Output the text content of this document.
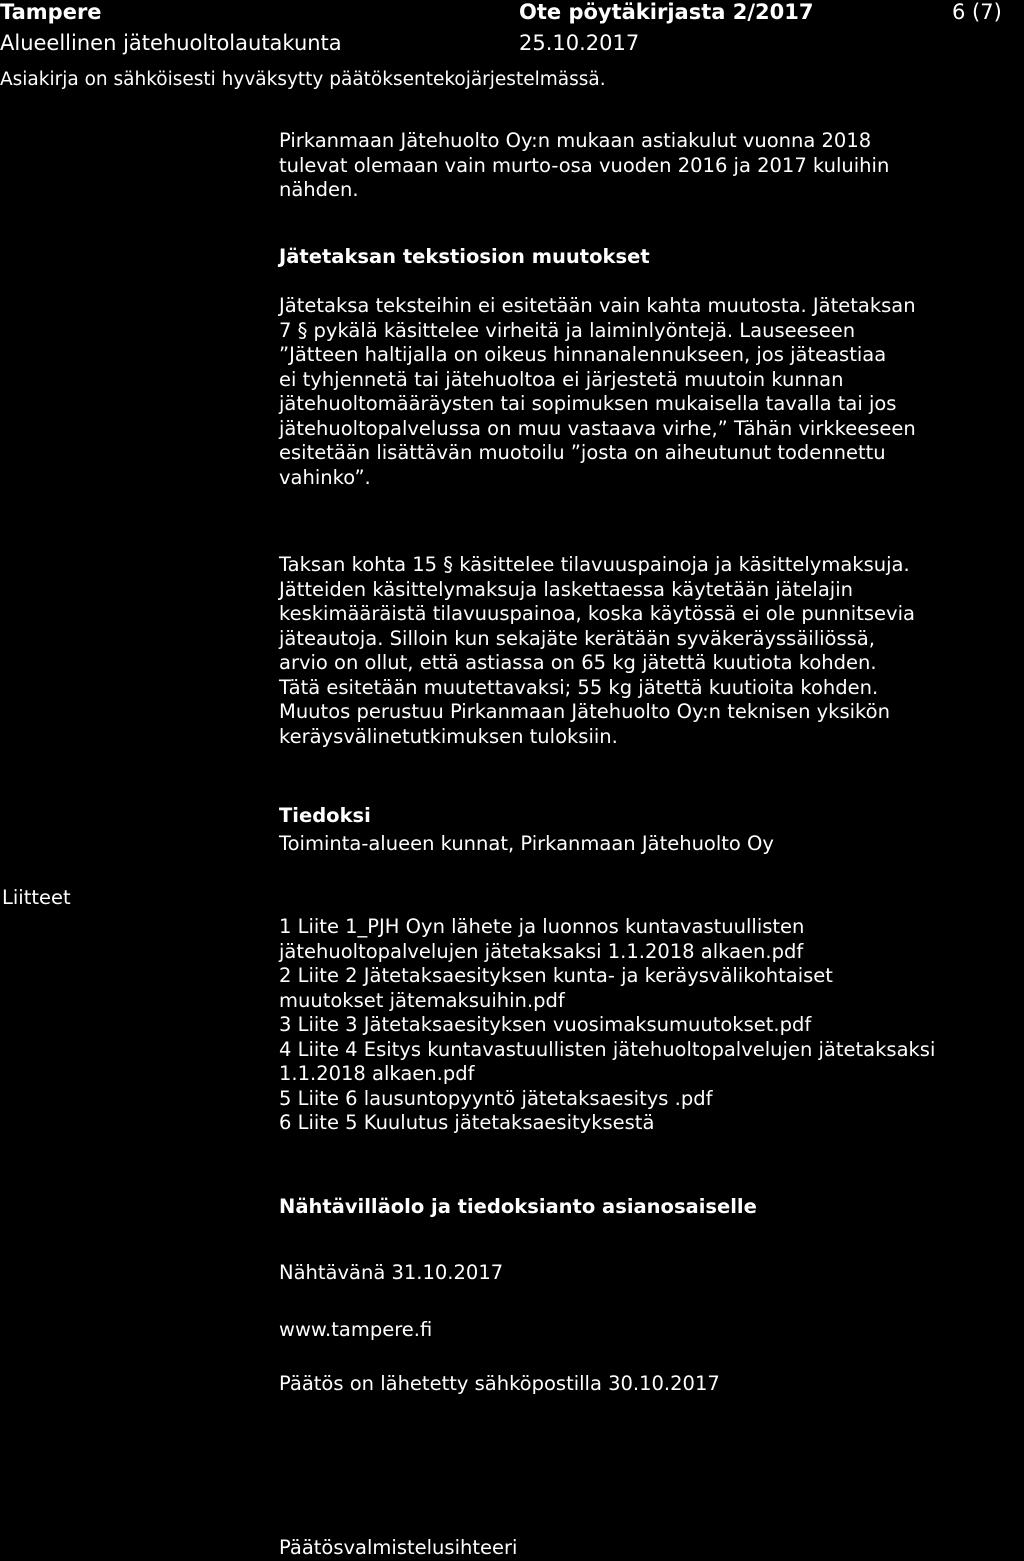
Tampere
Alueellinen jätehuoltolautakunta
Ote pöytäkirjasta 2/2017
25.10.2017
6 (7)
Asiakirja on sähköisesti hyväksytty päätöksentekojärjestelmässä.
Pirkanmaan Jätehuolto Oy:n mukaan astiakulut vuonna 2018
tulevat olemaan vain murto-osa vuoden 2016 ja 2017 kuluihin
nähden.
Jätetaksan tekstiosion muutokset
Jätetaksa teksteihin ei esitetään vain kahta muutosta. Jätetaksan
7 § pykälä käsittelee virheitä ja laiminlyöntejä. Lauseeseen
”Jätteen haltijalla on oikeus hinnanalennukseen, jos jäteastiaa
ei tyhjennetä tai jätehuoltoa ei järjestetä muutoin kunnan
jätehuoltomääräysten tai sopimuksen mukaisella tavalla tai jos
jätehuoltopalvelussa on muu vastaava virhe,” Tähän virkkeeseen
esitetään lisättävän muotoilu ”josta on aiheutunut todennettu
vahinko”.
Taksan kohta 15 § käsittelee tilavuuspainoja ja käsittelymaksuja.
Jätteiden käsittelymaksuja laskettaessa käytetään jätelajin
keskimääräistä tilavuuspainoa, koska käytössä ei ole punnitsevia
jäteautoja. Silloin kun sekajäte kerätään syväkeräyssäiliössä,
arvio on ollut, että astiassa on 65 kg jätettä kuutiota kohden.
Tätä esitetään muutettavaksi; 55 kg jätettä kuutioita kohden.
Muutos perustuu Pirkanmaan Jätehuolto Oy:n teknisen yksikön
keräysvälinetutkimuksen tuloksiin.
Tiedoksi
Toiminta-alueen kunnat, Pirkanmaan Jätehuolto Oy
Liitteet
1 Liite 1_PJH Oyn lähete ja luonnos kuntavastuullisten
jätehuoltopalvelujen jätetaksaksi 1.1.2018 alkaen.pdf
2 Liite 2 Jätetaksaesityksen kunta- ja keräysvälikohtaiset
muutokset jätemaksuihin.pdf
3 Liite 3 Jätetaksaesityksen vuosimaksumuutokset.pdf
4 Liite 4 Esitys kuntavastuullisten jätehuoltopalvelujen jätetaksaksi
1.1.2018 alkaen.pdf
5 Liite 6 lausuntopyyntö jätetaksaesitys .pdf
6 Liite 5 Kuulutus jätetaksaesityksestä
Nähtävilläolo ja tiedoksianto asianosaiselle
Nähtävänä 31.10.2017
www.tampere.fi
Päätös on lähetetty sähköpostilla 30.10.2017
Päätösvalmistelusihteeri
